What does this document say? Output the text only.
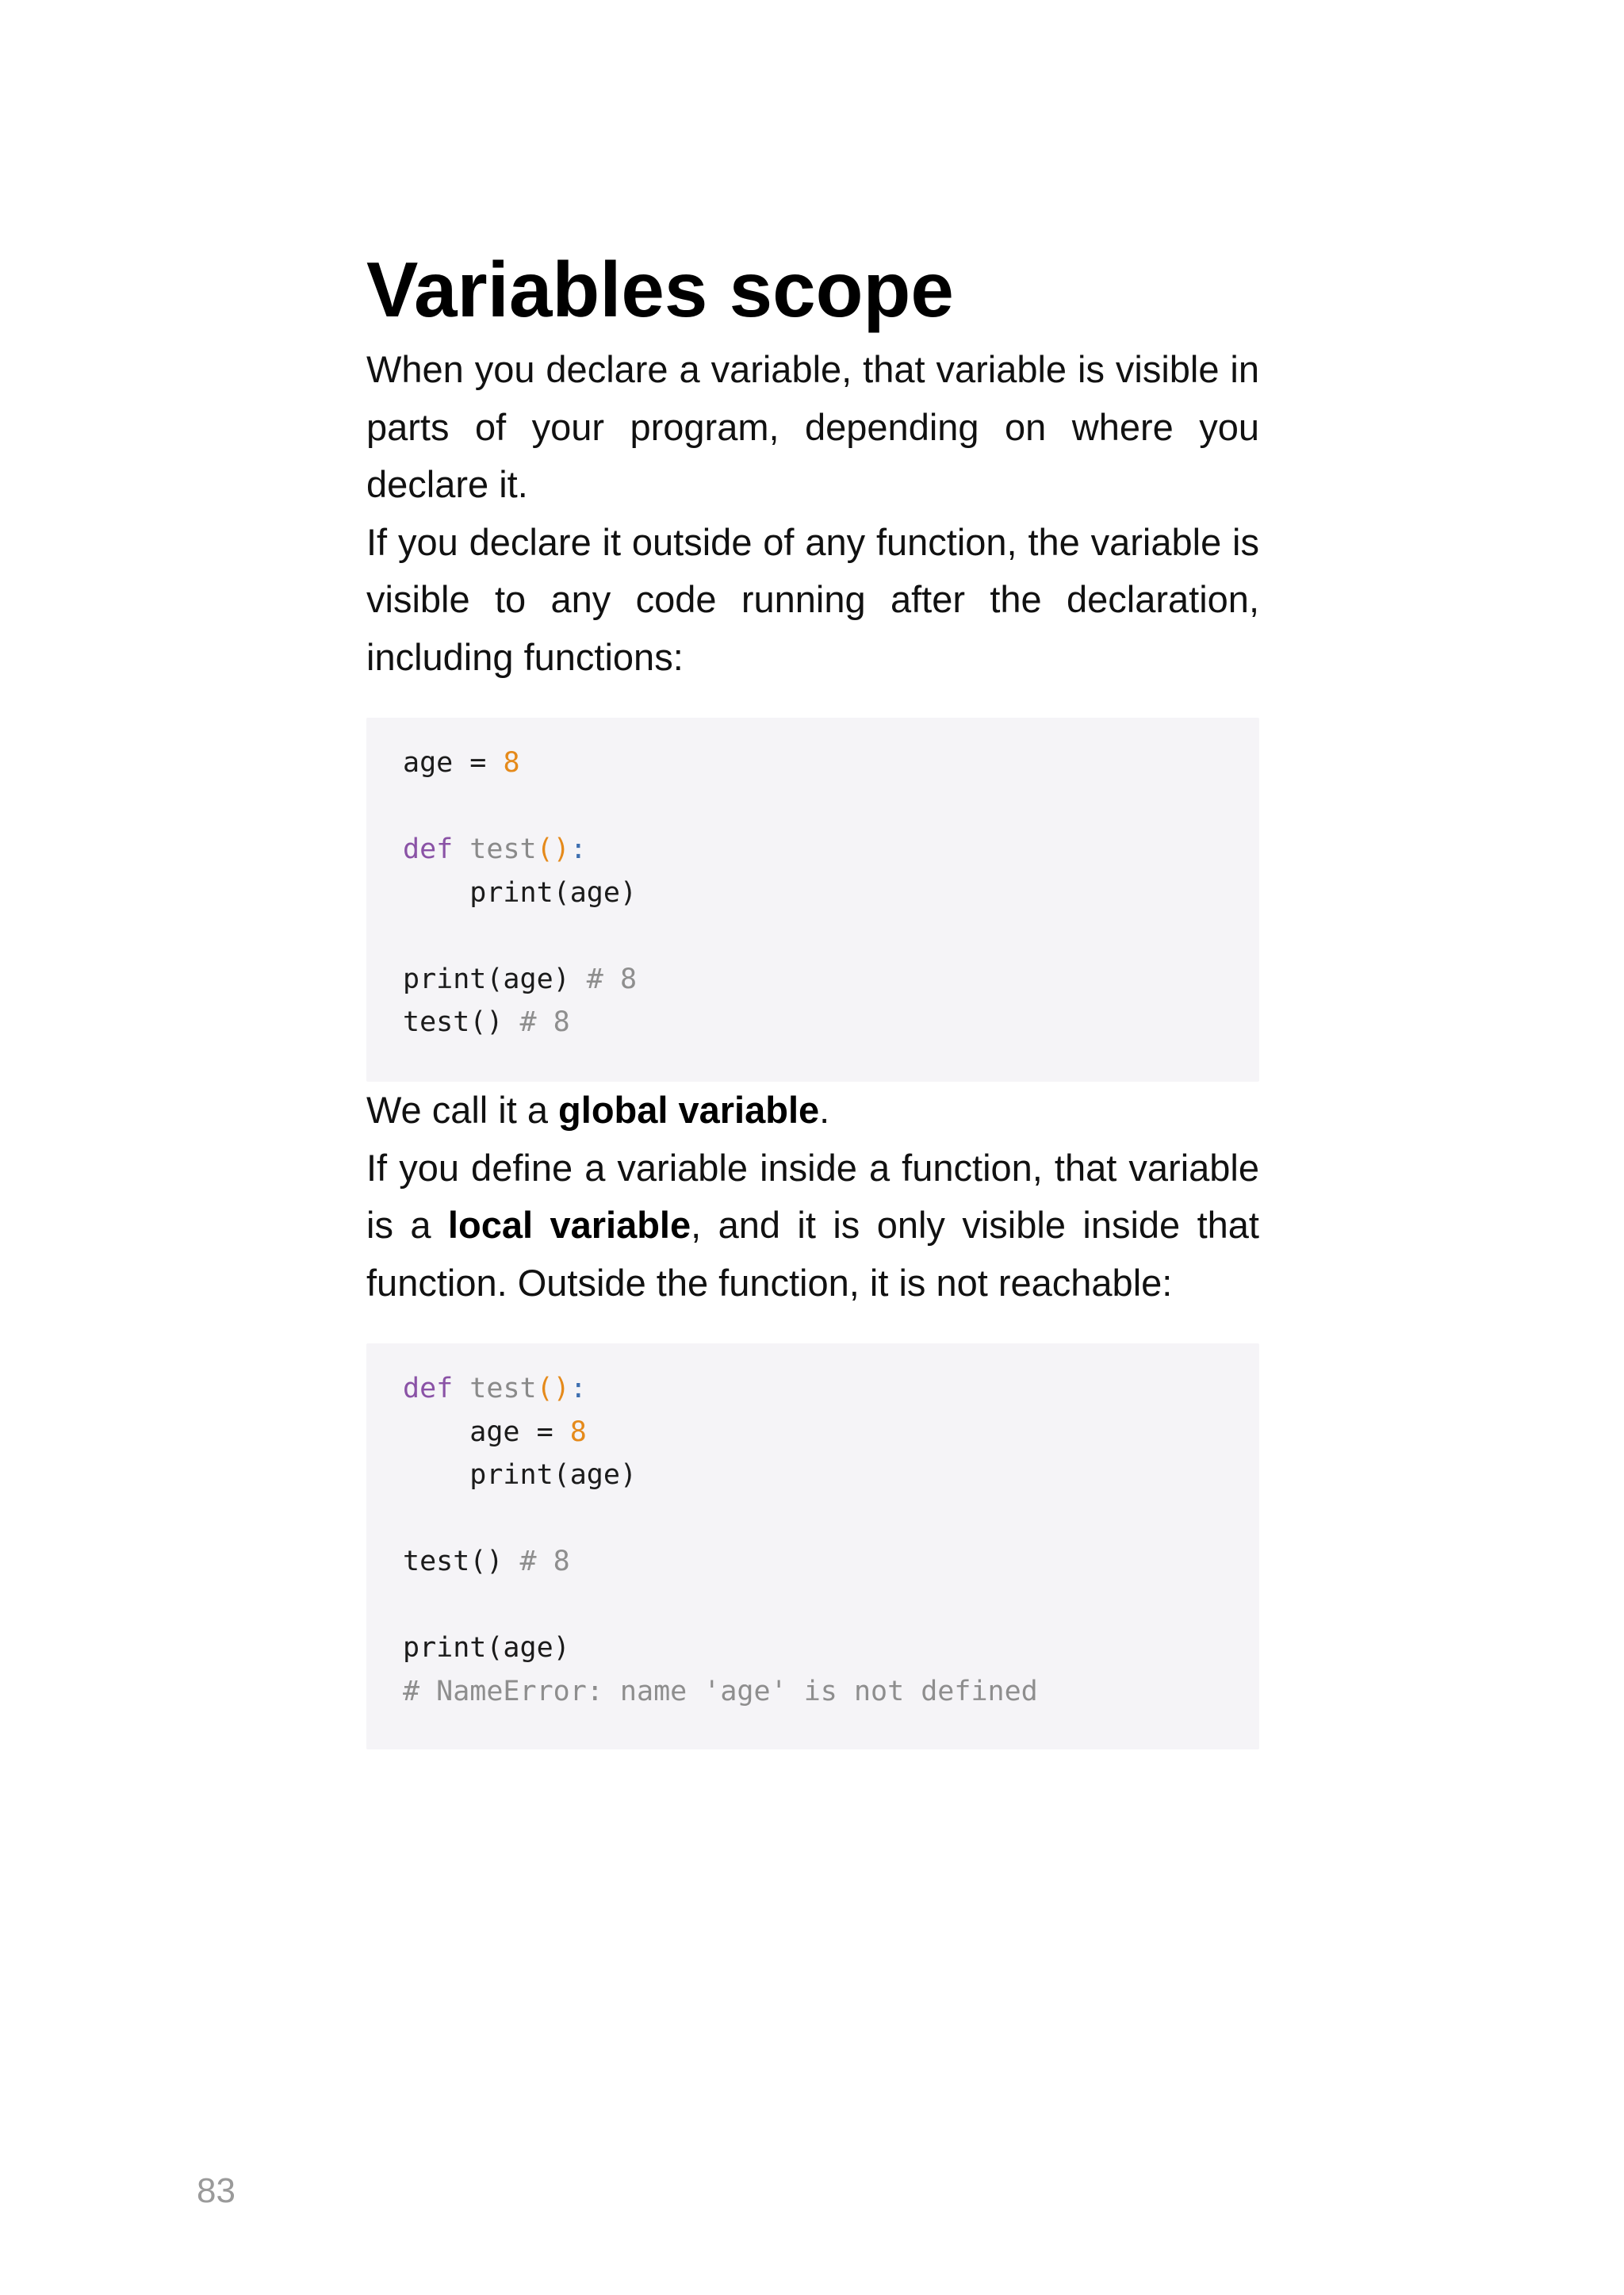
Variables scope

When you declare a variable, that variable is visible in parts of your program, depending on where you declare it.

If you declare it outside of any function, the variable is visible to any code running after the declaration, including functions:

age = 8
def test():
print(age)
print(age) # 8
test() # 8

We call it a global variable.

If you define a variable inside a function, that variable is a local variable, and it is only visible inside that function. Outside the function, it is not reachable:

def test():
age = 8
print(age)
test() # 8
print(age)
# NameError: name 'age' is not defined
83
